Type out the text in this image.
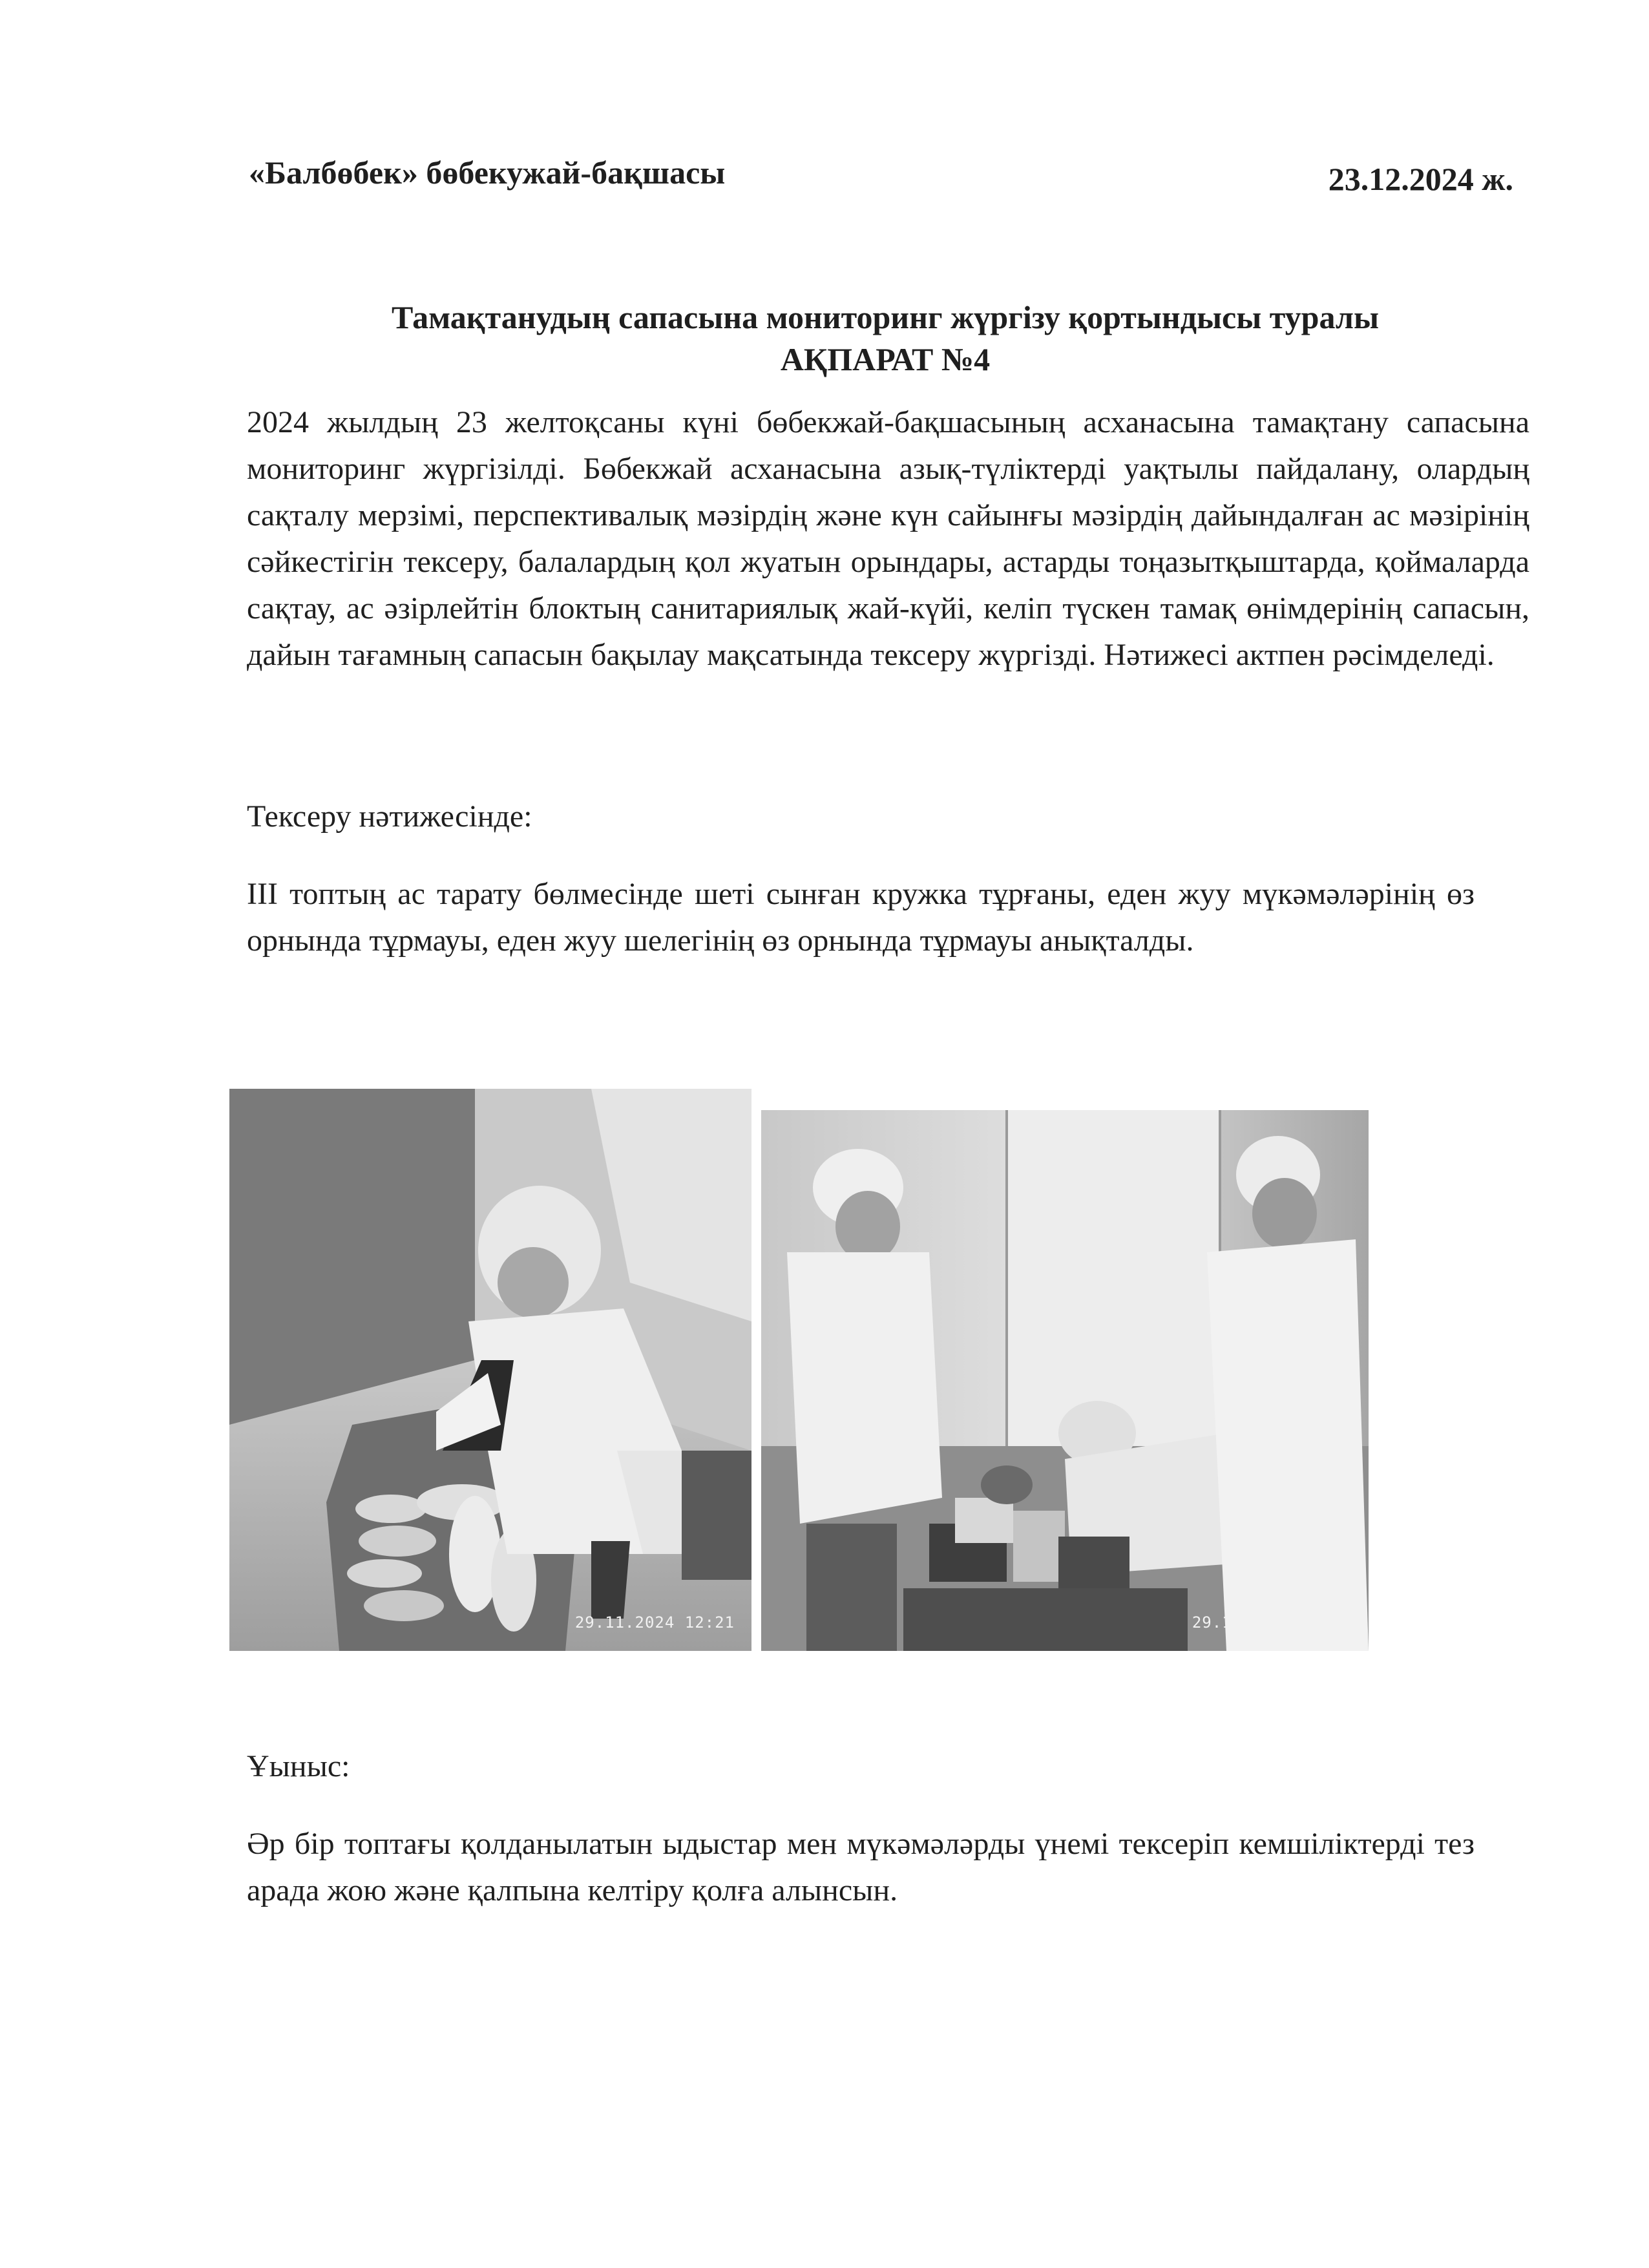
«Балбөбек» бөбекужай-бақшасы	23.12.2024 ж.
Тамақтанудың сапасына мониторинг жүргізу қортындысы туралы
АҚПАРАТ №4
2024 жылдың 23 желтоқсаны күні бөбекжай-бақшасының асханасына тамақтану сапасына мониторинг жүргізілді. Бөбекжай асханасына азық-түліктерді уақтылы пайдалану, олардың сақталу мерзімі, перспективалық мәзірдің және күн сайынғы мәзірдің дайындалған ас мәзірінің сәйкестігін тексеру, балалардың қол жуатын орындары, астарды тоңазытқыштарда, қоймаларда сақтау, ас әзірлейтін блоктың санитариялық жай-күйі, келіп түскен тамақ өнімдерінің сапасын, дайын тағамның сапасын бақылау мақсатында тексеру жүргізді. Нәтижесі актпен рәсімделеді.
Тексеру нәтижесінде:
III топтың ас тарату бөлмесінде шеті сынған кружка тұрғаны, еден жуу мүкәмәләрінің өз орнында тұрмауы, еден жуу шелегінің өз орнында тұрмауы анықталды.
29.11.2024 12:21	29.11.2024 12:20
Ұыныс:
Әр бір топтағы қолданылатын ыдыстар мен мүкәмәләрды үнемі тексеріп кемшіліктерді тез арада жою және қалпына келтіру қолға алынсын.
